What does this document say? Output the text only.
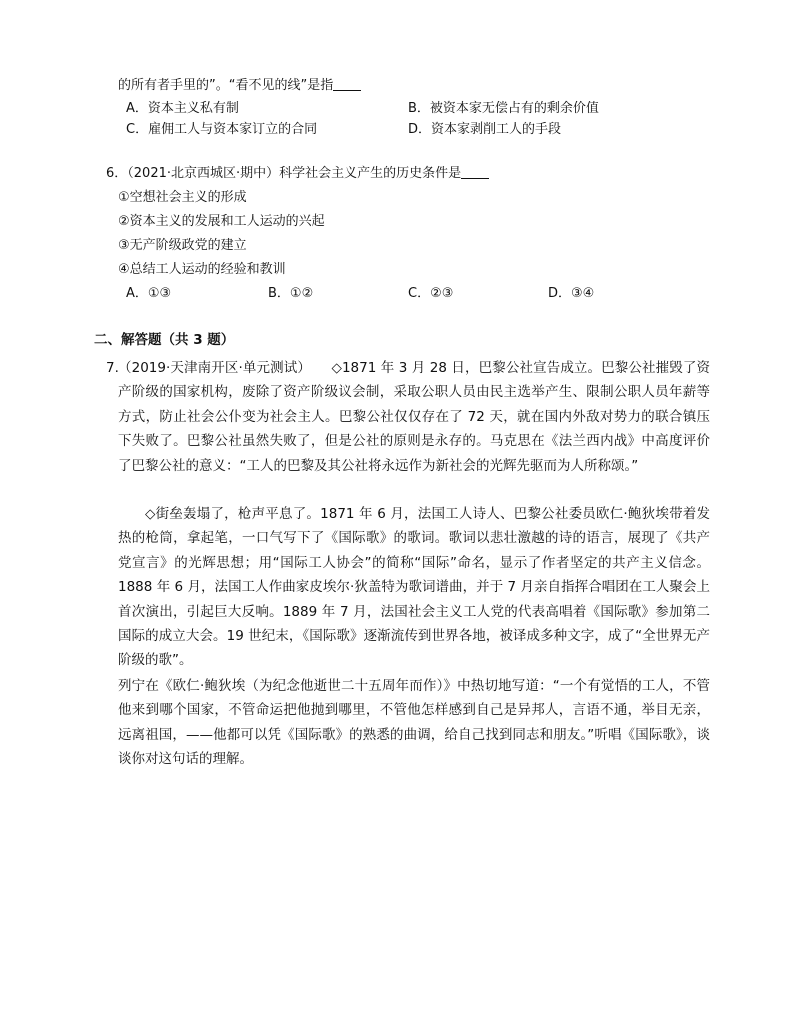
的所有者手里的”。“看不见的线”是指
A．资本主义私有制	B．被资本家无偿占有的剩余价值
C．雇佣工人与资本家订立的合同	D．资本家剥削工人的手段
6．（2021·北京西城区·期中）科学社会主义产生的历史条件是
①空想社会主义的形成
②资本主义的发展和工人运动的兴起
③无产阶级政党的建立
④总结工人运动的经验和教训
A．①③	B．①②	C．②③	D．③④
二、解答题（共 3 题）
7. （2019·天津南开区·单元测试）　　◇1871 年 3 月 28 日，巴黎公社宣告成立。巴黎公社摧毁了资产阶级的国家机构，废除了资产阶级议会制，采取公职人员由民主选举产生、限制公职人员年薪等方式，防止社会公仆变为社会主人。巴黎公社仅仅存在了 72 天，就在国内外敌对势力的联合镇压下失败了。巴黎公社虽然失败了，但是公社的原则是永存的。马克思在《法兰西内战》中高度评价了巴黎公社的意义：“工人的巴黎及其公社将永远作为新社会的光辉先驱而为人所称颂。”
◇街垒轰塌了，枪声平息了。1871 年 6 月，法国工人诗人、巴黎公社委员欧仁·鲍狄埃带着发热的枪筒，拿起笔，一口气写下了《国际歌》的歌词。歌词以悲壮激越的诗的语言，展现了《共产党宣言》的光辉思想；用“国际工人协会”的简称“国际”命名，显示了作者坚定的共产主义信念。1888 年 6 月，法国工人作曲家皮埃尔·狄盖特为歌词谱曲，并于 7 月亲自指挥合唱团在工人聚会上首次演出，引起巨大反响。1889 年 7 月，法国社会主义工人党的代表高唱着《国际歌》参加第二国际的成立大会。19 世纪末，《国际歌》逐渐流传到世界各地，被译成多种文字，成了“全世界无产阶级的歌”。
列宁在《欧仁·鲍狄埃（为纪念他逝世二十五周年而作）》中热切地写道：“一个有觉悟的工人，不管他来到哪个国家，不管命运把他抛到哪里，不管他怎样感到自己是异邦人，言语不通，举目无亲，远离祖国，——他都可以凭《国际歌》的熟悉的曲调，给自己找到同志和朋友。”听唱《国际歌》，谈谈你对这句话的理解。
